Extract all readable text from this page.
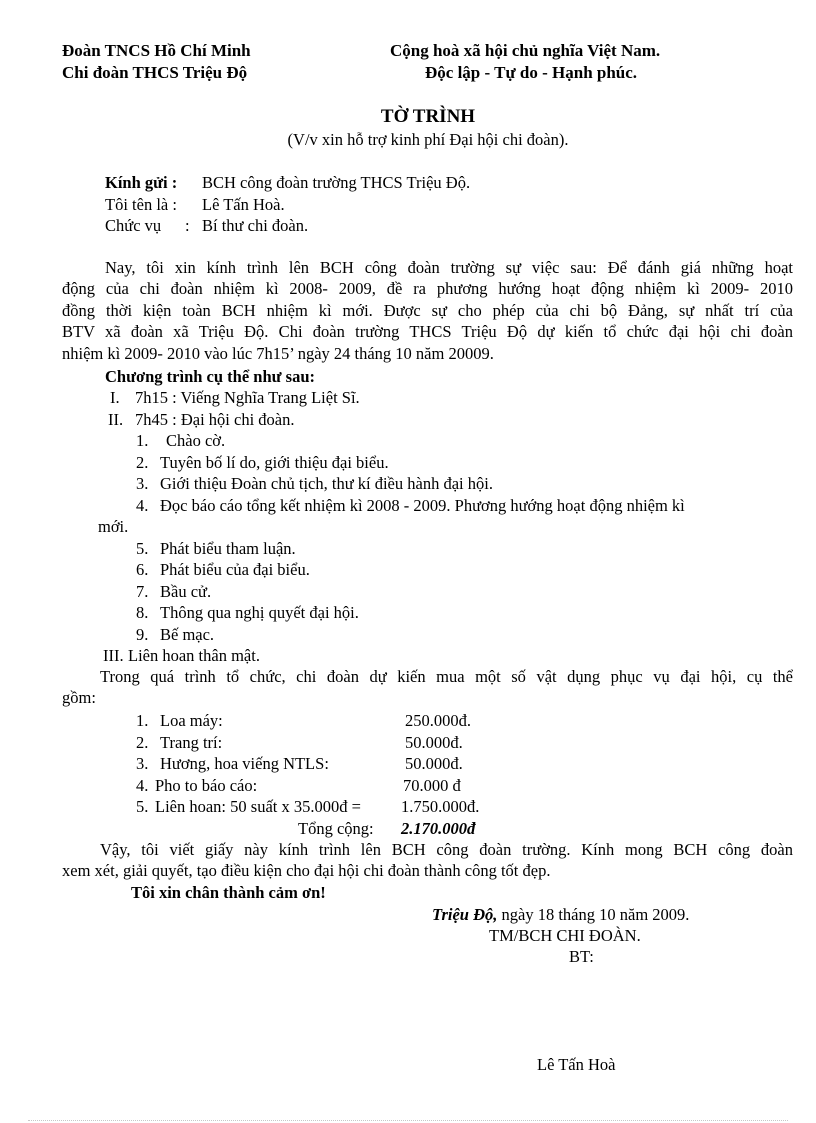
Đoàn TNCS Hồ Chí Minh
Chi đoàn THCS Triệu Độ
Cộng hoà xã hội chủ nghĩa Việt Nam.
Độc lập - Tự do - Hạnh phúc.
TỜ TRÌNH
(V/v xin hỗ trợ kinh phí Đại hội chi đoàn).
Kính gửi : BCH công đoàn trường THCS Triệu Độ.
Tôi tên là : Lê Tấn Hoà.
Chức vụ : Bí thư chi đoàn.
Nay, tôi xin kính trình lên BCH công đoàn trường sự việc sau: Để đánh giá những hoạt
động của chi đoàn nhiệm kì 2008- 2009, đề ra phương hướng hoạt động nhiệm kì 2009- 2010
đồng thời kiện toàn BCH nhiệm kì mới. Được sự cho phép của chi bộ Đảng, sự nhất trí của
BTV xã đoàn xã Triệu Độ. Chi đoàn trường THCS Triệu Độ dự kiến tổ chức đại hội chi đoàn
nhiệm kì 2009- 2010 vào lúc 7h15’ ngày 24 tháng 10 năm 20009.
Chương trình cụ thể như sau:
I. 7h15 : Viếng Nghĩa Trang Liệt Sĩ.
II. 7h45 : Đại hội chi đoàn.
1. Chào cờ.
2. Tuyên bố lí do, giới thiệu đại biểu.
3. Giới thiệu Đoàn chủ tịch, thư kí điều hành đại hội.
4. Đọc báo cáo tổng kết nhiệm kì 2008 - 2009. Phương hướng hoạt động nhiệm kì
mới.
5. Phát biểu tham luận.
6. Phát biểu của đại biểu.
7. Bầu cử.
8. Thông qua nghị quyết đại hội.
9. Bế mạc.
III. Liên hoan thân mật.
Trong quá trình tổ chức, chi đoàn dự kiến mua một số vật dụng phục vụ đại hội, cụ thể
gồm:
1. Loa máy:	250.000đ.
2. Trang trí:	50.000đ.
3. Hương, hoa viếng NTLS:	50.000đ.
4. Pho to báo cáo:	70.000 đ
5. Liên hoan: 50 suất x 35.000đ = 1.750.000đ.
Tổng cộng: 2.170.000đ
Vậy, tôi viết giấy này kính trình lên BCH công đoàn trường. Kính mong BCH công đoàn
xem xét, giải quyết, tạo điều kiện cho đại hội chi đoàn thành công tốt đẹp.
Tôi xin chân thành cảm ơn!
Triệu Độ, ngày 18 tháng 10 năm 2009.
TM/BCH CHI ĐOÀN.
BT:
Lê Tấn Hoà
